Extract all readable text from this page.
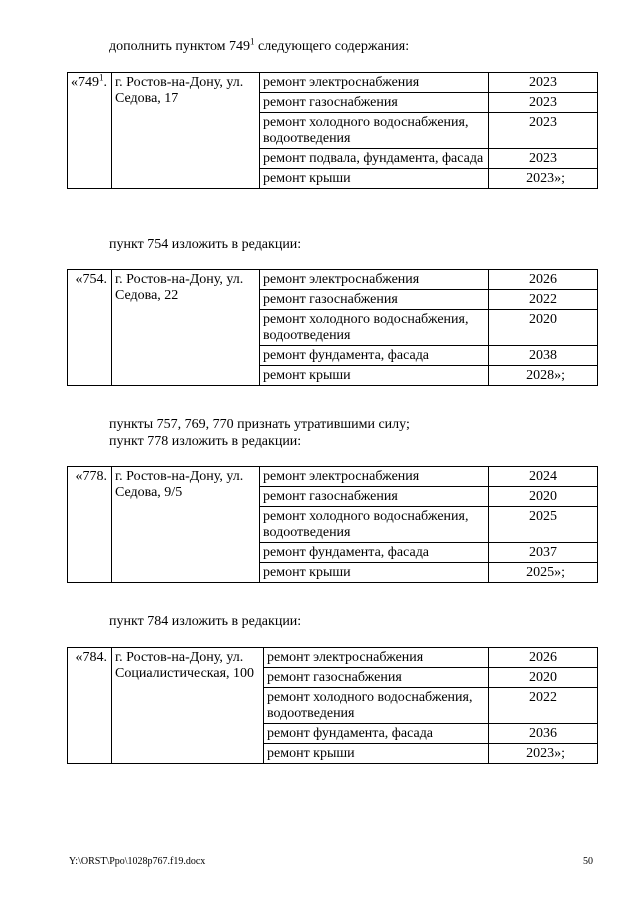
дополнить пунктом $749^1$ следующего содержания:

«$749^1$.	г. Ростов-на-Дону, ул. Седова, 17	ремонт электроснабжения	2023
		ремонт газоснабжения	2023
		ремонт холодного водоснабжения, водоотведения	2023
		ремонт подвала, фундамента, фасада	2023
		ремонт крыши	2023»;

пункт 754 изложить в редакции:

«754.	г. Ростов-на-Дону, ул. Седова, 22	ремонт электроснабжения	2026
		ремонт газоснабжения	2022
		ремонт холодного водоснабжения, водоотведения	2020
		ремонт фундамента, фасада	2038
		ремонт крыши	2028»;

пункты 757, 769, 770 признать утратившими силу;

пункт 778 изложить в редакции:

«778.	г. Ростов-на-Дону, ул. Седова, 9/5	ремонт электроснабжения	2024
		ремонт газоснабжения	2020
		ремонт холодного водоснабжения, водоотведения	2025
		ремонт фундамента, фасада	2037
		ремонт крыши	2025»;

пункт 784 изложить в редакции:

«784.	г. Ростов-на-Дону, ул. Социалистическая, 100	ремонт электроснабжения	2026
		ремонт газоснабжения	2020
		ремонт холодного водоснабжения, водоотведения	2022
		ремонт фундамента, фасада	2036
		ремонт крыши	2023»;
Y:\ORST\Ppo\1028p767.f19.docx	50
